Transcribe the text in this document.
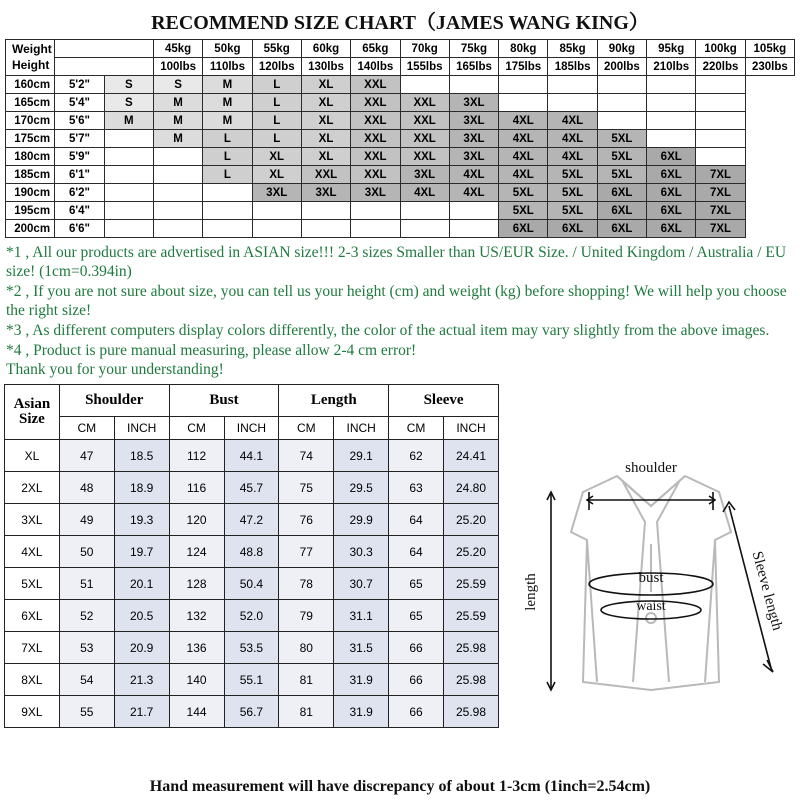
RECOMMEND SIZE CHART（JAMES WANG KING）
Weight
Height			45kg	50kg	55kg	60kg	65kg	70kg	75kg	80kg	85kg	90kg	95kg	100kg	105kg
			100lbs	110lbs	120lbs	130lbs	140lbs	155lbs	165lbs	175lbs	185lbs	200lbs	210lbs	220lbs	230lbs
160cm	5'2"	S	S	M	L	XL	XXL								
165cm	5'4"	S	M	M	L	XL	XXL	XXL	3XL						
170cm	5'6"	M	M	M	L	XL	XXL	XXL	3XL	4XL	4XL				
175cm	5'7"		M	L	L	XL	XXL	XXL	3XL	4XL	4XL	5XL			
180cm	5'9"			L	XL	XL	XXL	XXL	3XL	4XL	4XL	5XL	6XL		
185cm	6'1"			L	XL	XXL	XXL	3XL	4XL	4XL	5XL	5XL	6XL	7XL	
190cm	6'2"				3XL	3XL	3XL	4XL	4XL	5XL	5XL	6XL	6XL	7XL	
195cm	6'4"									5XL	5XL	6XL	6XL	7XL	
200cm	6'6"									6XL	6XL	6XL	6XL	7XL	

*1 , All our products are advertised in ASIAN size!!! 2-3 sizes Smaller than US/EUR Size. / United Kingdom / Australia / EU size! (1cm=0.394in)

*2 , If you are not sure about size, you can tell us your height (cm) and weight (kg) before shopping! We will help you choose the right size!

*3 , As different computers display colors differently, the color of the actual item may vary slightly from the above images.

*4 , Product is pure manual measuring, please allow 2-4 cm error!

Thank you for your understanding!

Asian
Size	Shoulder		Bust		Length		Sleeve	
	CM	INCH	CM	INCH	CM	INCH	CM	INCH
XL	47	18.5	112	44.1	74	29.1	62	24.41
2XL	48	18.9	116	45.7	75	29.5	63	24.80
3XL	49	19.3	120	47.2	76	29.9	64	25.20
4XL	50	19.7	124	48.8	77	30.3	64	25.20
5XL	51	20.1	128	50.4	78	30.7	65	25.59
6XL	52	20.5	132	52.0	79	31.1	65	25.59
7XL	53	20.9	136	53.5	80	31.5	66	25.98
8XL	54	21.3	140	55.1	81	31.9	66	25.98
9XL	55	21.7	144	56.7	81	31.9	66	25.98
shoulder
length	bust
waist	Sleeve length
Hand measurement will have discrepancy of about 1-3cm (1inch=2.54cm)
